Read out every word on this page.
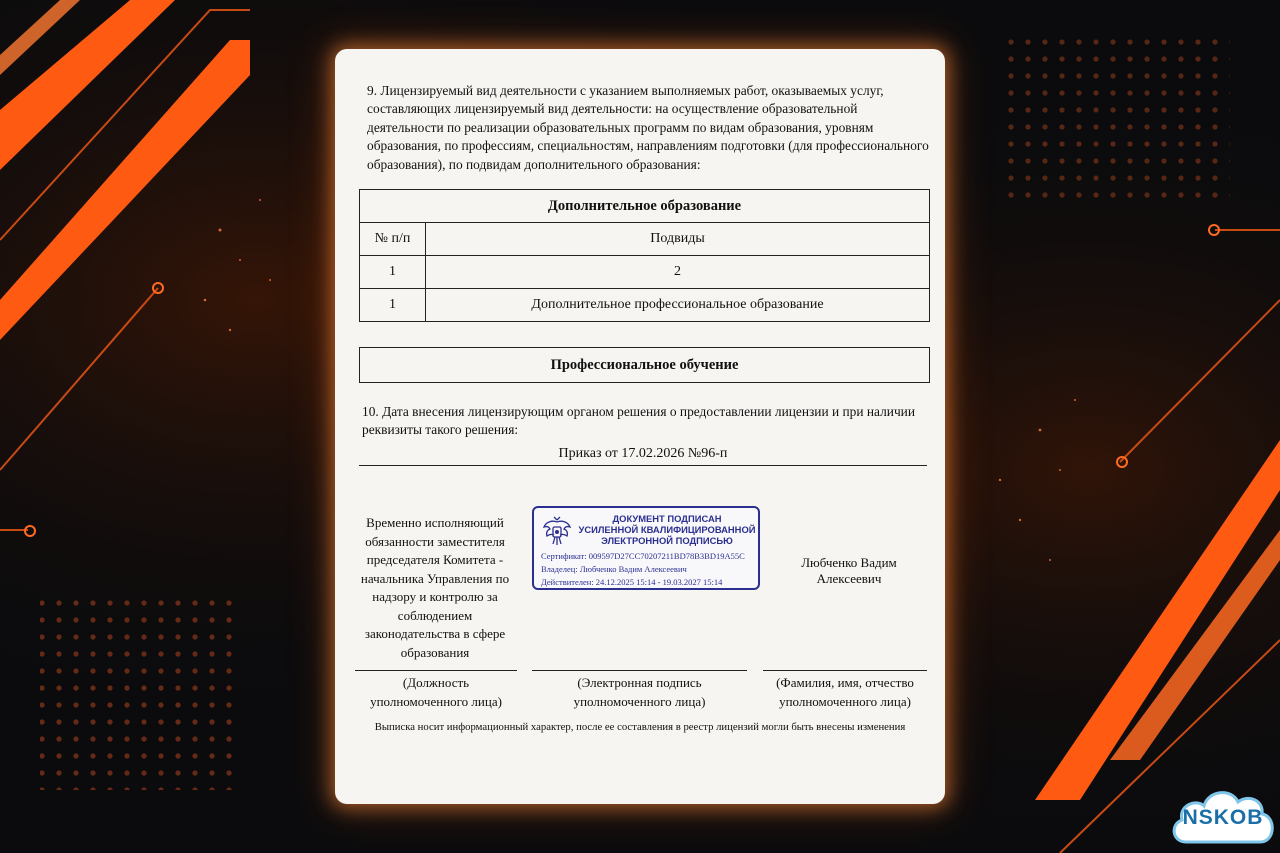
9. Лицензируемый вид деятельности с указанием выполняемых работ, оказываемых услуг, составляющих лицензируемый вид деятельности: на осуществление образовательной деятельности по реализации образовательных программ по видам образования, уровням образования, по профессиям, специальностям, направлениям подготовки (для профессионального образования), по подвидам дополнительного образования:

Дополнительное образование	
№ п/п	Подвиды
1	2
1	Дополнительное профессиональное образование
Профессиональное обучение

10. Дата внесения лицензирующим органом решения о предоставлении лицензии и при наличии реквизиты такого решения:

Приказ от 17.02.2026 №96-п
Временно исполняющий обязанности заместителя председателя Комитета - начальника Управления по надзору и контролю за соблюдением законодательства в сфере образования
ДОКУМЕНТ ПОДПИСАН
УСИЛЕННОЙ КВАЛИФИЦИРОВАННОЙ
ЭЛЕКТРОННОЙ ПОДПИСЬЮ
Сертификат: 009597D27CC70207211BD78B3BD19A55C
Владелец: Любченко Вадим Алексеевич
Действителен: 24.12.2025 15:14 - 19.03.2027 15:14
Любченко Вадим Алексеевич
(Должность уполномоченного лица)
(Электронная подпись уполномоченного лица)
(Фамилия, имя, отчество уполномоченного лица)
Выписка носит информационный характер, после ее составления в реестр лицензий могли быть внесены изменения
NSKOB
